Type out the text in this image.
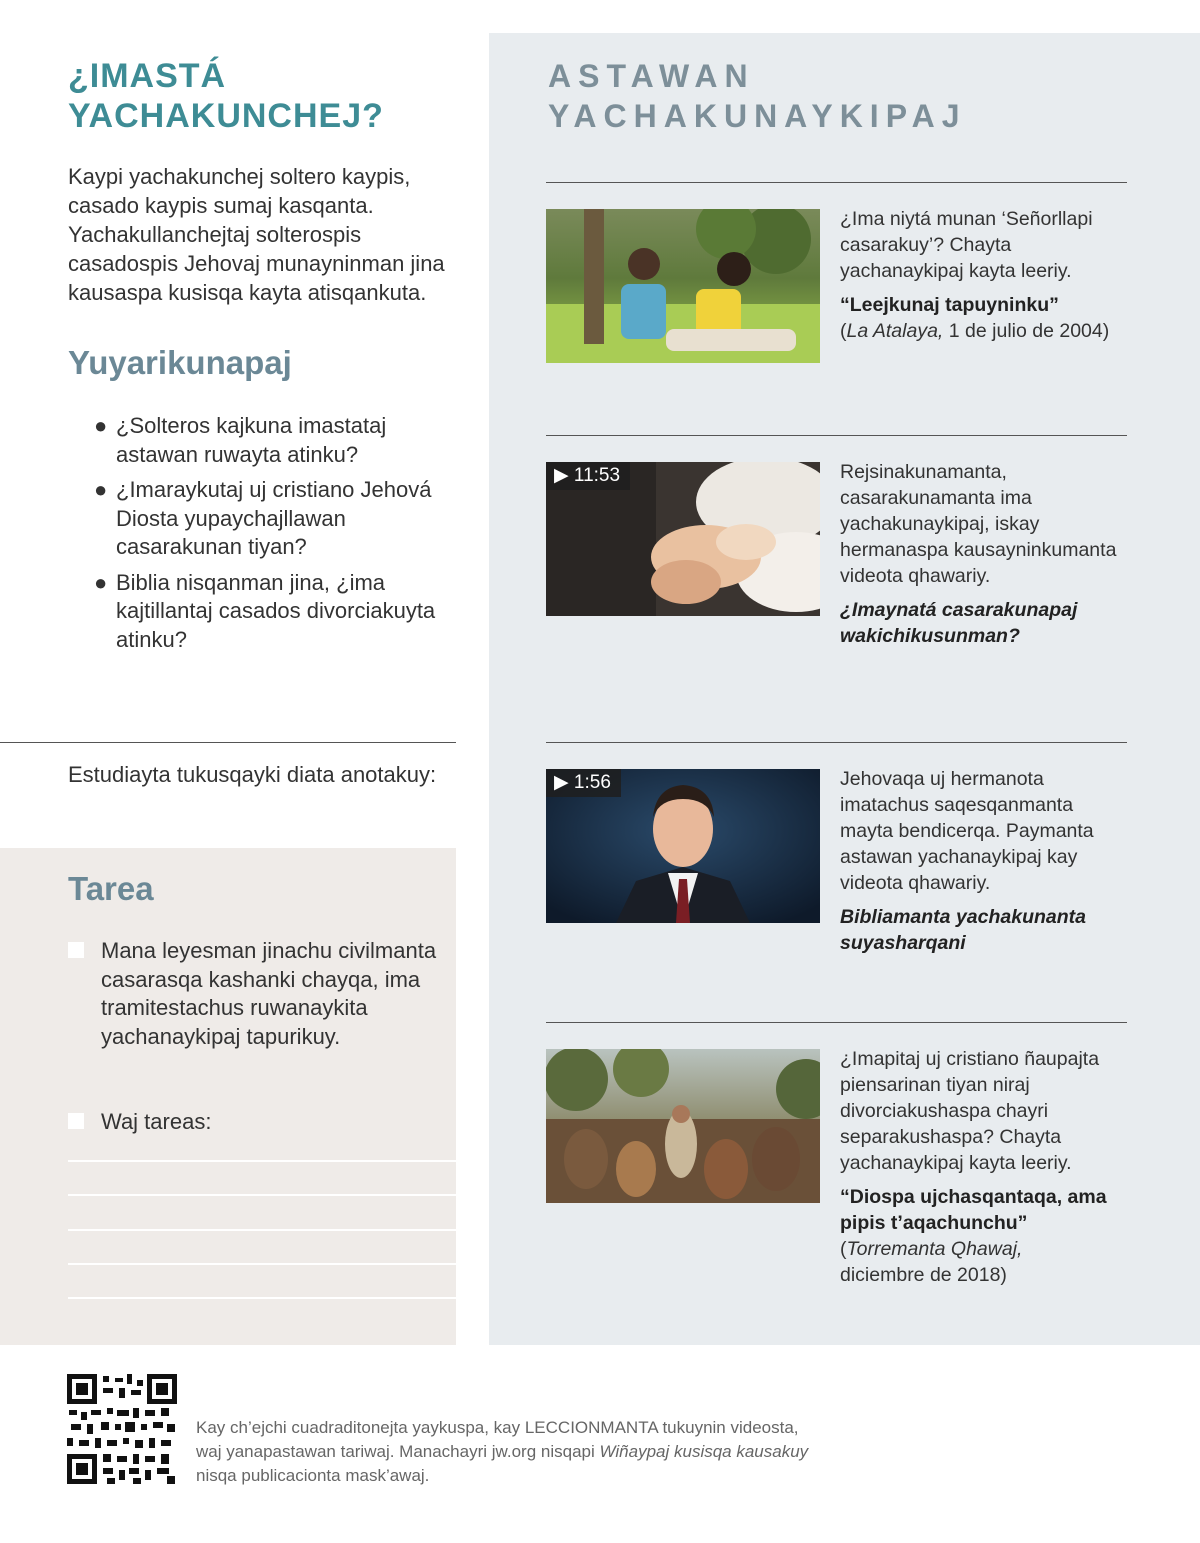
¿IMASTÁ
YACHAKUNCHEJ?

Kaypi yachakunchej soltero kaypis, casado kaypis sumaj kasqanta. Yachakullanchejtaj solterospis casadospis Jehovaj munayninman jina kausaspa kusisqa kayta atisqankuta.

Yuyarikunapaj
● ¿Solteros kajkuna imastataj astawan ruwayta atinku?
● ¿Imaraykutaj uj cristiano Jehová Diosta yupaychajllawan casarakunan tiyan?
● Biblia nisqanman jina, ¿ima kajtillantaj casados divorciakuyta atinku?
Estudiayta tukusqayki diata anotakuy:
Tarea
Mana leyesman jinachu civilmanta casarasqa kashanki chayqa, ima tramitestachus ruwanaykita yachanaykipaj tapurikuy.
Waj tareas:
ASTAWAN
YACHAKUNAYKIPAJ
¿Ima niytá munan ‘Señorllapi casarakuy’? Chayta yachanaykipaj kayta leeriy.
“Leejkunaj tapuyninku”
(La Atalaya, 1 de julio de 2004)
▶ 11:53	Rejsinakunamanta, casarakunamanta ima yachakunaykipaj, iskay hermanaspa kausayninkumanta videota qhawariy.
¿Imaynatá casarakunapaj wakichikusunman?
▶ 1:56	Jehovaqa uj hermanota imatachus saqesqanmanta mayta bendicerqa. Paymanta astawan yachanaykipaj kay videota qhawariy.
Bibliamanta yachakunanta suyasharqani
¿Imapitaj uj cristiano ñaupajta piensarinan tiyan niraj divorciakushaspa chayri separakushaspa? Chayta yachanaykipaj kayta leeriy.
“Diospa ujchasqantaqa, ama pipis t’aqachunchu”
(Torremanta Qhawaj,
diciembre de 2018)

Kay ch’ejchi cuadraditonejta yaykuspa, kay LECCIONMANTA tukuynin videosta, waj yanapastawan tariwaj. Manachayri jw.org nisqapi Wiñaypaj kusisqa kausakuy nisqa publicacionta mask’awaj.
